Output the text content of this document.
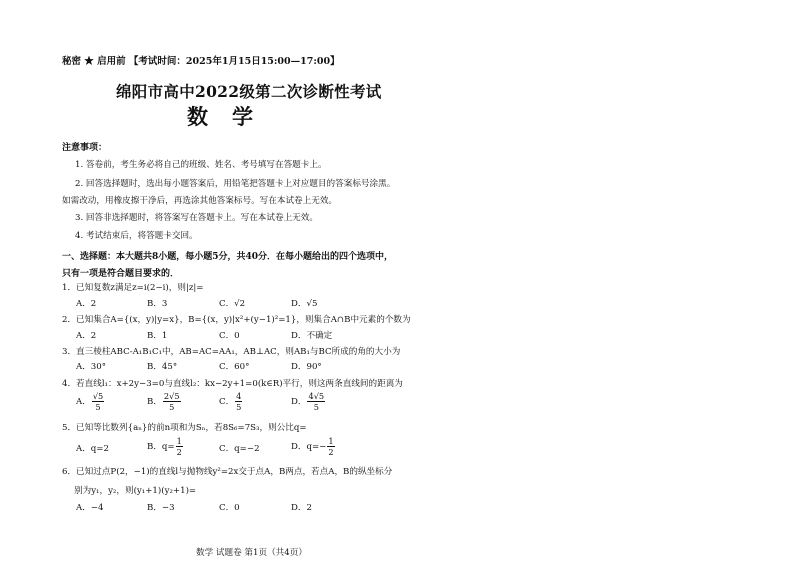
秘密 ★ 启用前 【考试时间：2025年1月15日15:00—17:00】
绵阳市高中2022级第二次诊断性考试
数学
注意事项：
1. 答卷前，考生务必将自己的班级、姓名、考号填写在答题卡上。
2. 回答选择题时，选出每小题答案后，用铅笔把答题卡上对应题目的答案标号涂黑。
如需改动，用橡皮擦干净后，再选涂其他答案标号。写在本试卷上无效。
3. 回答非选择题时，将答案写在答题卡上。写在本试卷上无效。
4. 考试结束后，将答题卡交回。
一、选择题：本大题共8小题，每小题5分，共40分．在每小题给出的四个选项中，
只有一项是符合题目要求的．
1．已知复数z满足z=i(2−i)，则|z|=
A．2	B．3	C．√2	D．√5
2．已知集合A={(x，y)|y=x}，B={(x，y)|x²+(y−1)²=1}，则集合A∩B中元素的个数为
A．2	B．1	C．0	D．不确定
3．直三棱柱ABC-A₁B₁C₁中，AB=AC=AA₁，AB⊥AC，则AB₁与BC所成的角的大小为
A．30°	B．45°	C．60°	D．90°
4．若直线l₁：x+2y−3=0与直线l₂：kx−2y+1=0(k∈R)平行，则这两条直线间的距离为
A． $\frac{√5}{5}$	B． $\frac{2√5}{5}$	C． $\frac{4}{5}$	D． $\frac{4√5}{5}$
5．已知等比数列{aₙ}的前n项和为Sₙ，若8S₆=7S₃，则公比q=
A．q=2	B．$q= \frac{1}{2}$	C．q=−2	D．$q=- \frac{1}{2}$
6．已知过点P(2，−1)的直线l与抛物线y²=2x交于点A，B两点，若点A，B的纵坐标分
别为y₁，y₂，则(y₁+1)(y₂+1)=
A．−4	B．−3	C．0	D．2
数学 试题卷 第1页（共4页）
